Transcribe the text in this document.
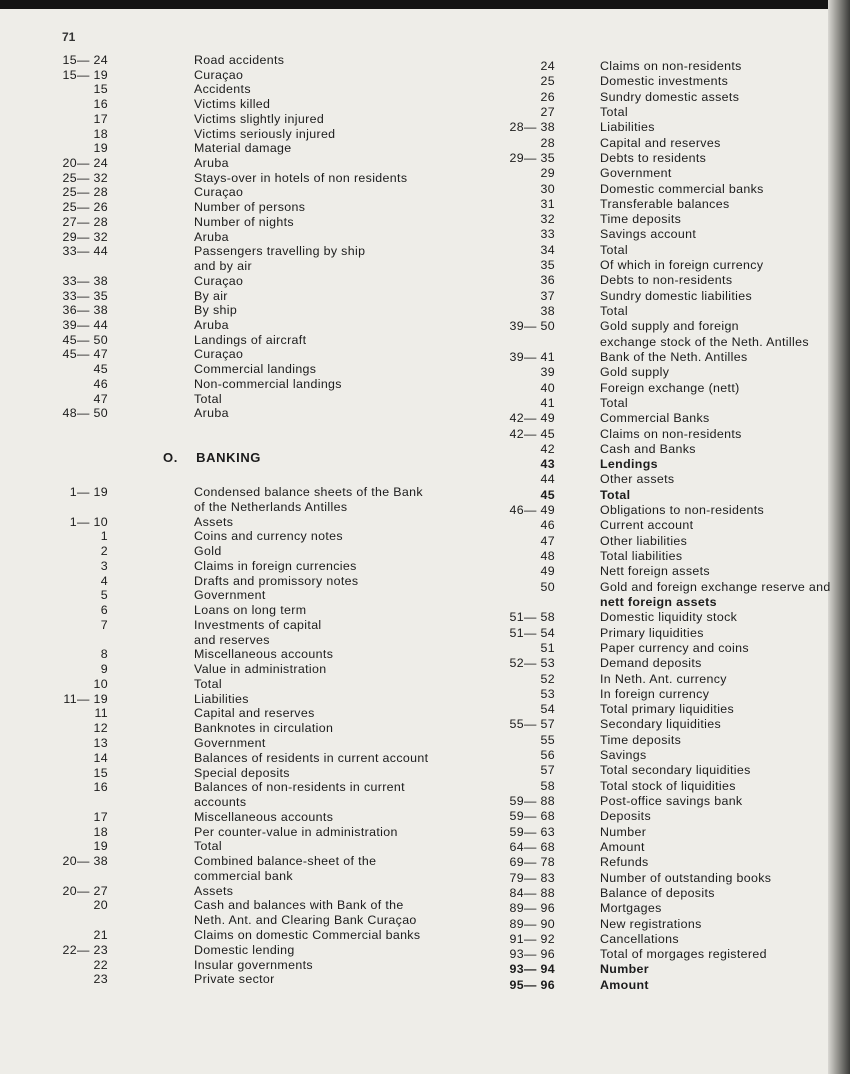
71
15— 24	Road accidents
15— 19	Curaçao
15	Accidents
16	Victims killed
17	Victims slightly injured
18	Victims seriously injured
19	Material damage
20— 24	Aruba
25— 32	Stays-over in hotels of non residents
25— 28	Curaçao
25— 26	Number of persons
27— 28	Number of nights
29— 32	Aruba
33— 44	Passengers travelling by ship
and by air
33— 38	Curaçao
33— 35	By air
36— 38	By ship
39— 44	Aruba
45— 50	Landings of aircraft
45— 47	Curaçao
45	Commercial landings
46	Non-commercial landings
47	Total
48— 50	Aruba
O. BANKING
1— 19	Condensed balance sheets of the Bank
of the Netherlands Antilles
1— 10	Assets
1	Coins and currency notes
2	Gold
3	Claims in foreign currencies
4	Drafts and promissory notes
5	Government
6	Loans on long term
7	Investments of capital
and reserves
8	Miscellaneous accounts
9	Value in administration
10	Total
11— 19	Liabilities
11	Capital and reserves
12	Banknotes in circulation
13	Government
14	Balances of residents in current account
15	Special deposits
16	Balances of non-residents in current
accounts
17	Miscellaneous accounts
18	Per counter-value in administration
19	Total
20— 38	Combined balance-sheet of the
commercial bank
20— 27	Assets
20	Cash and balances with Bank of the
Neth. Ant. and Clearing Bank Curaçao
21	Claims on domestic Commercial banks
22— 23	Domestic lending
22	Insular governments
23	Private sector
24	Claims on non-residents
25	Domestic investments
26	Sundry domestic assets
27	Total
28— 38	Liabilities
28	Capital and reserves
29— 35	Debts to residents
29	Government
30	Domestic commercial banks
31	Transferable balances
32	Time deposits
33	Savings account
34	Total
35	Of which in foreign currency
36	Debts to non-residents
37	Sundry domestic liabilities
38	Total
39— 50	Gold supply and foreign
exchange stock of the Neth. Antilles
39— 41	Bank of the Neth. Antilles
39	Gold supply
40	Foreign exchange (nett)
41	Total
42— 49	Commercial Banks
42— 45	Claims on non-residents
42	Cash and Banks
43	Lendings
44	Other assets
45	Total
46— 49	Obligations to non-residents
46	Current account
47	Other liabilities
48	Total liabilities
49	Nett foreign assets
50	Gold and foreign exchange reserve and
nett foreign assets
51— 58	Domestic liquidity stock
51— 54	Primary liquidities
51	Paper currency and coins
52— 53	Demand deposits
52	In Neth. Ant. currency
53	In foreign currency
54	Total primary liquidities
55— 57	Secondary liquidities
55	Time deposits
56	Savings
57	Total secondary liquidities
58	Total stock of liquidities
59— 88	Post-office savings bank
59— 68	Deposits
59— 63	Number
64— 68	Amount
69— 78	Refunds
79— 83	Number of outstanding books
84— 88	Balance of deposits
89— 96	Mortgages
89— 90	New registrations
91— 92	Cancellations
93— 96	Total of morgages registered
93— 94	Number
95— 96	Amount
